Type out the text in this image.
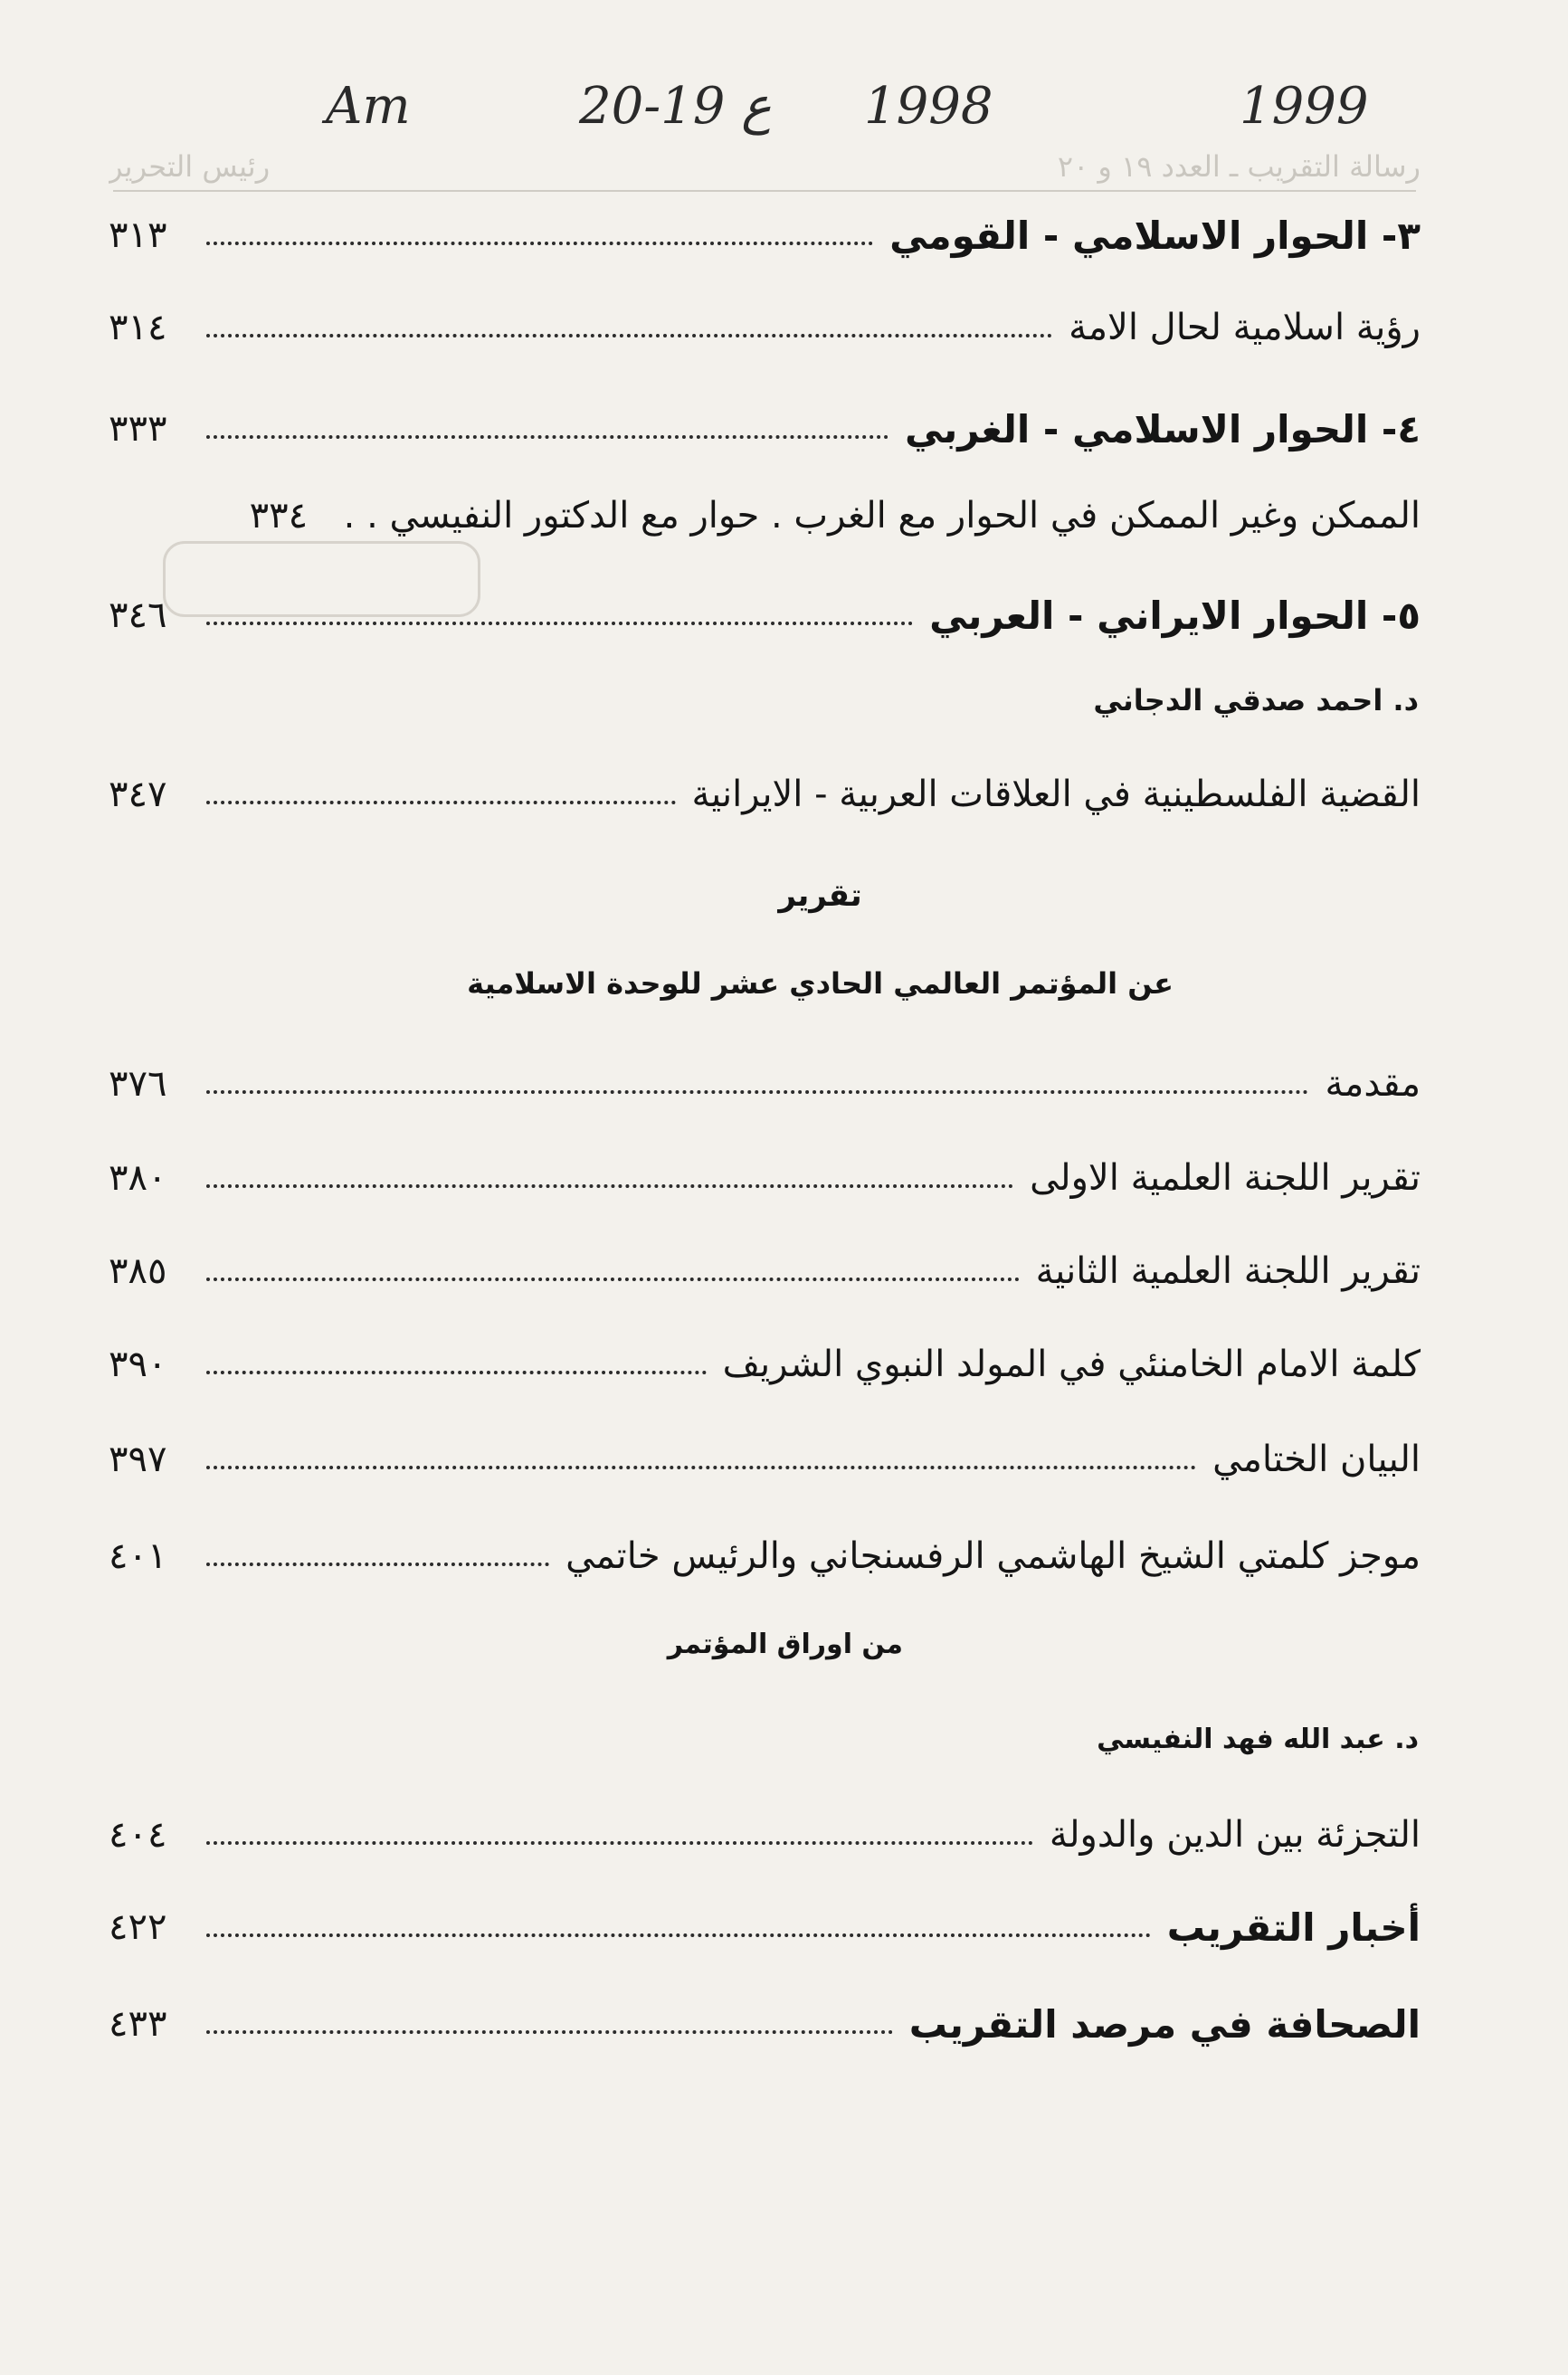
Am	20-19 ع 1998	1999
رسالة التقريب ـ العدد ١٩ و ٢٠
رئيس التحرير
٣- الحوار الاسلامي - القومي
٣١٣
رؤية اسلامية لحال الامة
٣١٤
٤- الحوار الاسلامي - الغربي
٣٣٣
الممكن وغير الممكن في الحوار مع الغرب . حوار مع الدكتور النفيسي . .
٣٣٤
٥- الحوار الايراني - العربي
٣٤٦
د. احمد صدقي الدجاني
القضية الفلسطينية في العلاقات العربية - الايرانية
٣٤٧
تقرير
عن المؤتمر العالمي الحادي عشر للوحدة الاسلامية
مقدمة
٣٧٦
تقرير اللجنة العلمية الاولى
٣٨٠
تقرير اللجنة العلمية الثانية
٣٨٥
كلمة الامام الخامنئي في المولد النبوي الشريف
٣٩٠
البيان الختامي
٣٩٧
موجز كلمتي الشيخ الهاشمي الرفسنجاني والرئيس خاتمي
٤٠١
من اوراق المؤتمر
د. عبد الله فهد النفيسي
التجزئة بين الدين والدولة
٤٠٤
أخبار التقريب
٤٢٢
الصحافة في مرصد التقريب
٤٣٣
